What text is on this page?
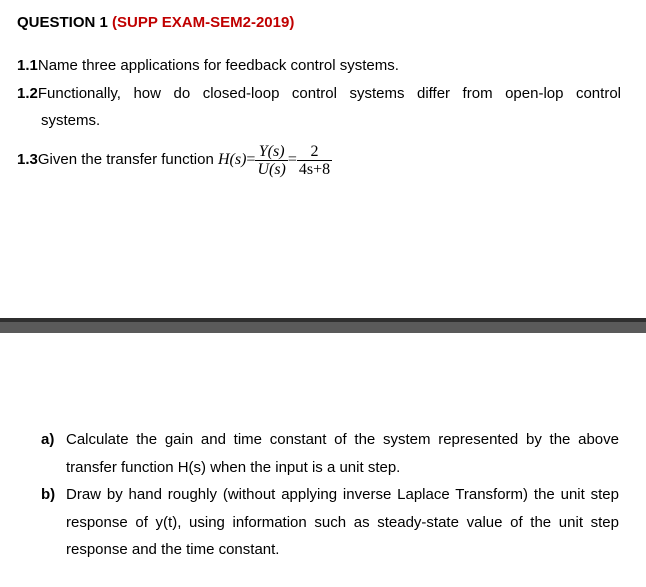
QUESTION 1 (SUPP EXAM-SEM2-2019)
1.1Name three applications for feedback control systems.
1.2Functionally, how do closed-loop control systems differ from open-lop control
systems.
1.3Given the transfer function $H(s)= \frac{Y(s)}{U(s)} = \frac{2}{4s+8}$
a) Calculate the gain and time constant of the system represented by the above transfer function H(s) when the input is a unit step.
b) Draw by hand roughly (without applying inverse Laplace Transform) the unit step response of y(t), using information such as steady-state value of the unit step response and the time constant.
